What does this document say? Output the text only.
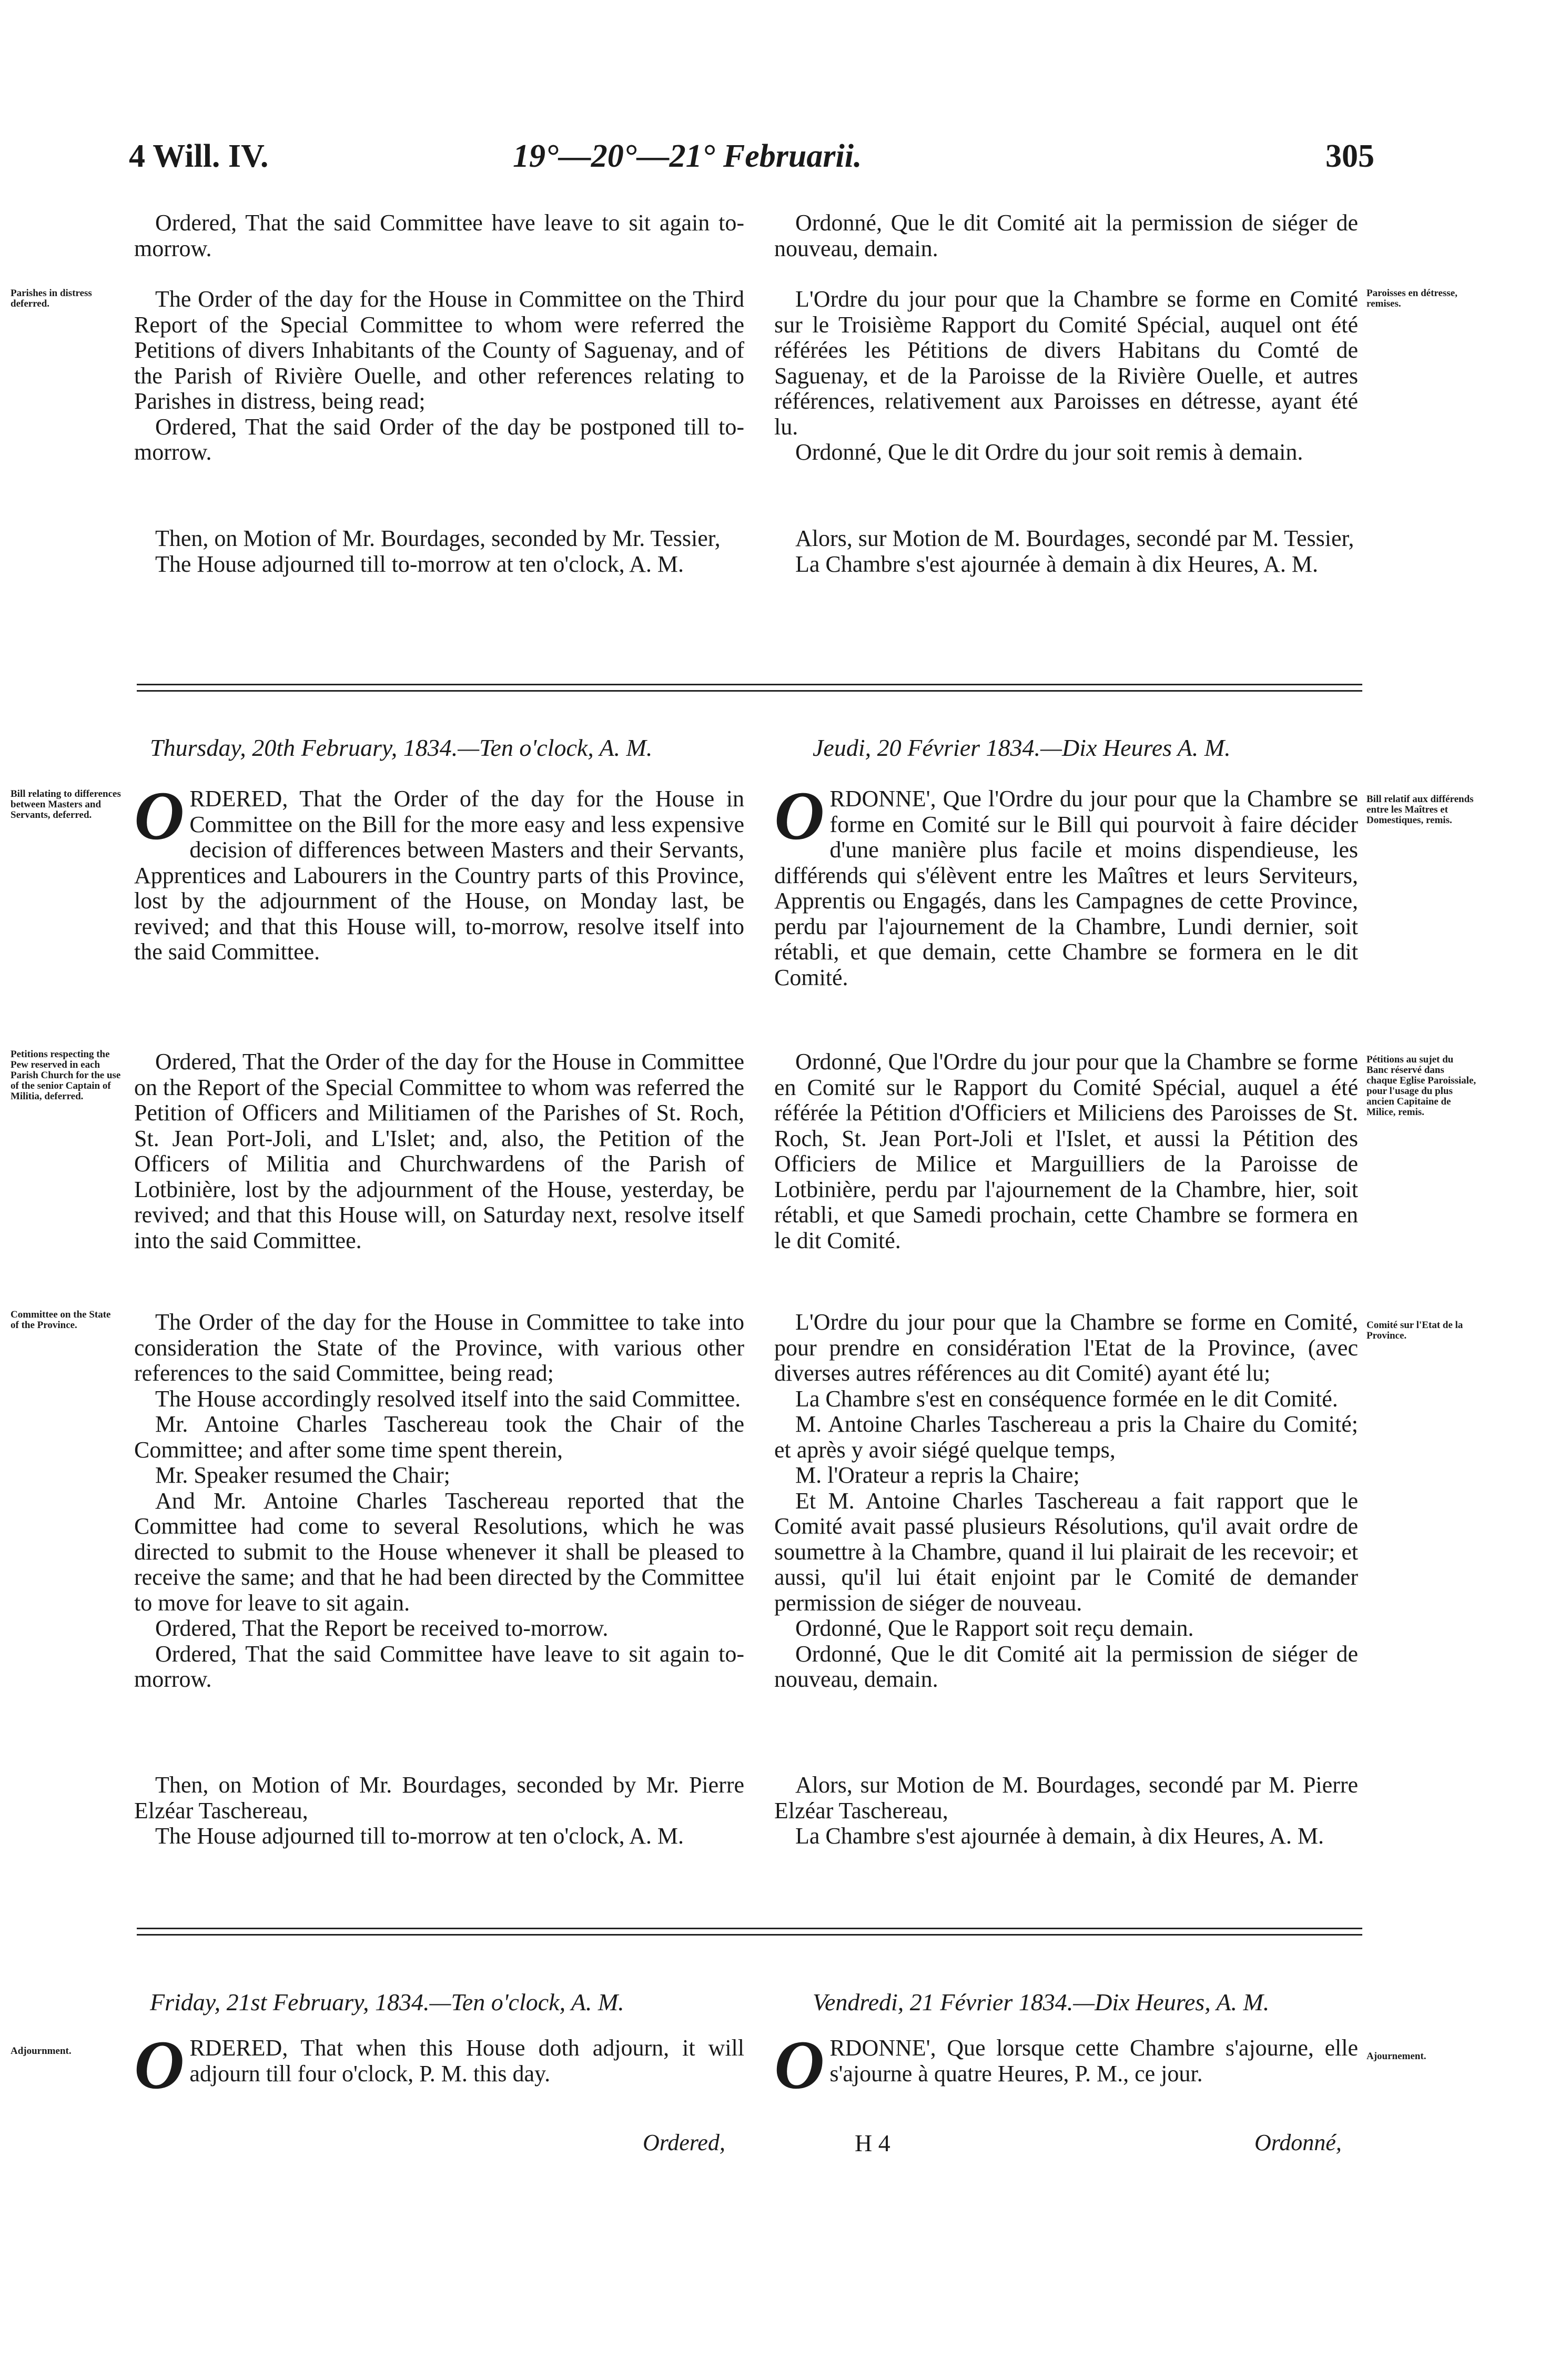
4 Will. IV.	19°—20°—21° Februarii.	305

Ordered, That the said Committee have leave to sit again to-morrow.

Ordonné, Que le dit Comité ait la permission de siéger de nouveau, demain.

Parishes in distress deferred.

Paroisses en détresse, remises.

The Order of the day for the House in Committee on the Third Report of the Special Committee to whom were referred the Petitions of divers Inhabitants of the County of Saguenay, and of the Parish of Rivière Ouelle, and other references relating to Parishes in distress, being read;

Ordered, That the said Order of the day be postponed till to-morrow.

L'Ordre du jour pour que la Chambre se forme en Comité sur le Troisième Rapport du Comité Spécial, auquel ont été référées les Pétitions de divers Habitans du Comté de Saguenay, et de la Paroisse de la Rivière Ouelle, et autres références, relativement aux Paroisses en détresse, ayant été lu.

Ordonné, Que le dit Ordre du jour soit remis à demain.

Then, on Motion of Mr. Bourdages, seconded by Mr. Tessier,

The House adjourned till to-morrow at ten o'clock, A. M.

Alors, sur Motion de M. Bourdages, secondé par M. Tessier,

La Chambre s'est ajournée à demain à dix Heures, A. M.

Thursday, 20th February, 1834.—Ten o'clock, A. M.	Jeudi, 20 Février 1834.—Dix Heures A. M.

Bill relating to differences between Masters and Servants, deferred.

Bill relatif aux différends entre les Maîtres et Domestiques, remis.

ORDERED, That the Order of the day for the House in Committee on the Bill for the more easy and less expensive decision of differences between Masters and their Servants, Apprentices and Labourers in the Country parts of this Province, lost by the adjournment of the House, on Monday last, be revived; and that this House will, to-morrow, resolve itself into the said Committee.

ORDONNE', Que l'Ordre du jour pour que la Chambre se forme en Comité sur le Bill qui pourvoit à faire décider d'une manière plus facile et moins dispendieuse, les différends qui s'élèvent entre les Maîtres et leurs Serviteurs, Apprentis ou Engagés, dans les Campagnes de cette Province, perdu par l'ajournement de la Chambre, Lundi dernier, soit rétabli, et que demain, cette Chambre se formera en le dit Comité.

Petitions respecting the Pew reserved in each Parish Church for the use of the senior Captain of Militia, deferred.

Pétitions au sujet du Banc réservé dans chaque Eglise Paroissiale, pour l'usage du plus ancien Capitaine de Milice, remis.

Ordered, That the Order of the day for the House in Committee on the Report of the Special Committee to whom was referred the Petition of Officers and Militiamen of the Parishes of St. Roch, St. Jean Port-Joli, and L'Islet; and, also, the Petition of the Officers of Militia and Churchwardens of the Parish of Lotbinière, lost by the adjournment of the House, yesterday, be revived; and that this House will, on Saturday next, resolve itself into the said Committee.

Ordonné, Que l'Ordre du jour pour que la Chambre se forme en Comité sur le Rapport du Comité Spécial, auquel a été référée la Pétition d'Officiers et Miliciens des Paroisses de St. Roch, St. Jean Port-Joli et l'Islet, et aussi la Pétition des Officiers de Milice et Marguilliers de la Paroisse de Lotbinière, perdu par l'ajournement de la Chambre, hier, soit rétabli, et que Samedi prochain, cette Chambre se formera en le dit Comité.

Committee on the State of the Province.	Comité sur l'Etat de la Province.

The Order of the day for the House in Committee to take into consideration the State of the Province, with various other references to the said Committee, being read;

The House accordingly resolved itself into the said Committee.

Mr. Antoine Charles Taschereau took the Chair of the Committee; and after some time spent therein,

Mr. Speaker resumed the Chair;

And Mr. Antoine Charles Taschereau reported that the Committee had come to several Resolutions, which he was directed to submit to the House whenever it shall be pleased to receive the same; and that he had been directed by the Committee to move for leave to sit again.

Ordered, That the Report be received to-morrow.

Ordered, That the said Committee have leave to sit again to-morrow.

L'Ordre du jour pour que la Chambre se forme en Comité, pour prendre en considération l'Etat de la Province, (avec diverses autres références au dit Comité) ayant été lu;

La Chambre s'est en conséquence formée en le dit Comité.

M. Antoine Charles Taschereau a pris la Chaire du Comité; et après y avoir siégé quelque temps,

M. l'Orateur a repris la Chaire;

Et M. Antoine Charles Taschereau a fait rapport que le Comité avait passé plusieurs Résolutions, qu'il avait ordre de soumettre à la Chambre, quand il lui plairait de les recevoir; et aussi, qu'il lui était enjoint par le Comité de demander permission de siéger de nouveau.

Ordonné, Que le Rapport soit reçu demain.

Ordonné, Que le dit Comité ait la permission de siéger de nouveau, demain.

Then, on Motion of Mr. Bourdages, seconded by Mr. Pierre Elzéar Taschereau,

The House adjourned till to-morrow at ten o'clock, A. M.

Alors, sur Motion de M. Bourdages, secondé par M. Pierre Elzéar Taschereau,

La Chambre s'est ajournée à demain, à dix Heures, A. M.

Friday, 21st February, 1834.—Ten o'clock, A. M.	Vendredi, 21 Février 1834.—Dix Heures, A. M.

Adjournment.	Ajournement.

ORDERED, That when this House doth adjourn, it will adjourn till four o'clock, P. M. this day.	ORDONNE', Que lorsque cette Chambre s'ajourne, elle s'ajourne à quatre Heures, P. M., ce jour.

Ordered,	H 4	Ordonné,
